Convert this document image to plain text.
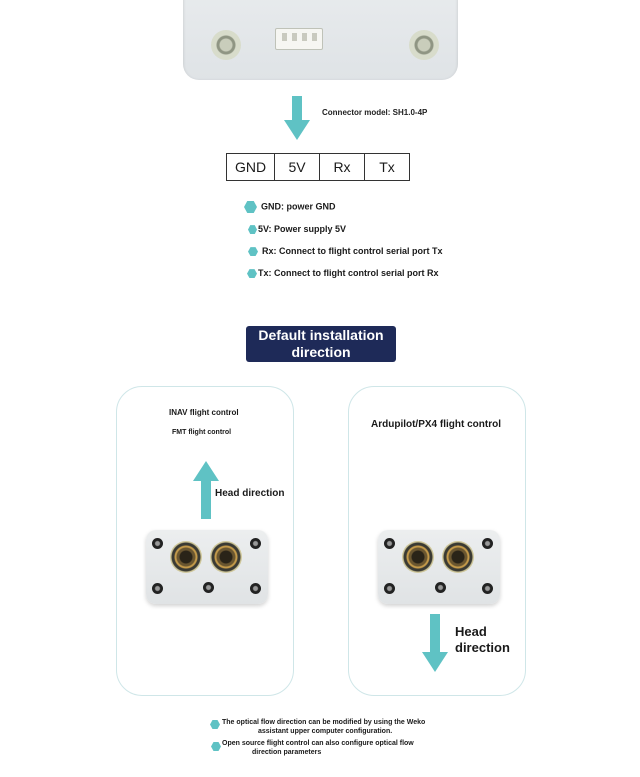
Connector model: SH1.0-4P
GND	5V	Rx	Tx
GND: power GND
5V: Power supply 5V
Rx: Connect to flight control serial port Tx
Tx: Connect to flight control serial port Rx
Default installation
direction
INAV flight control
FMT flight control
Head direction
Ardupilot/PX4 flight control
Head
direction
The optical flow direction can be modified by using the Weko
assistant upper computer configuration.
Open source flight control can also configure optical flow
direction parameters
